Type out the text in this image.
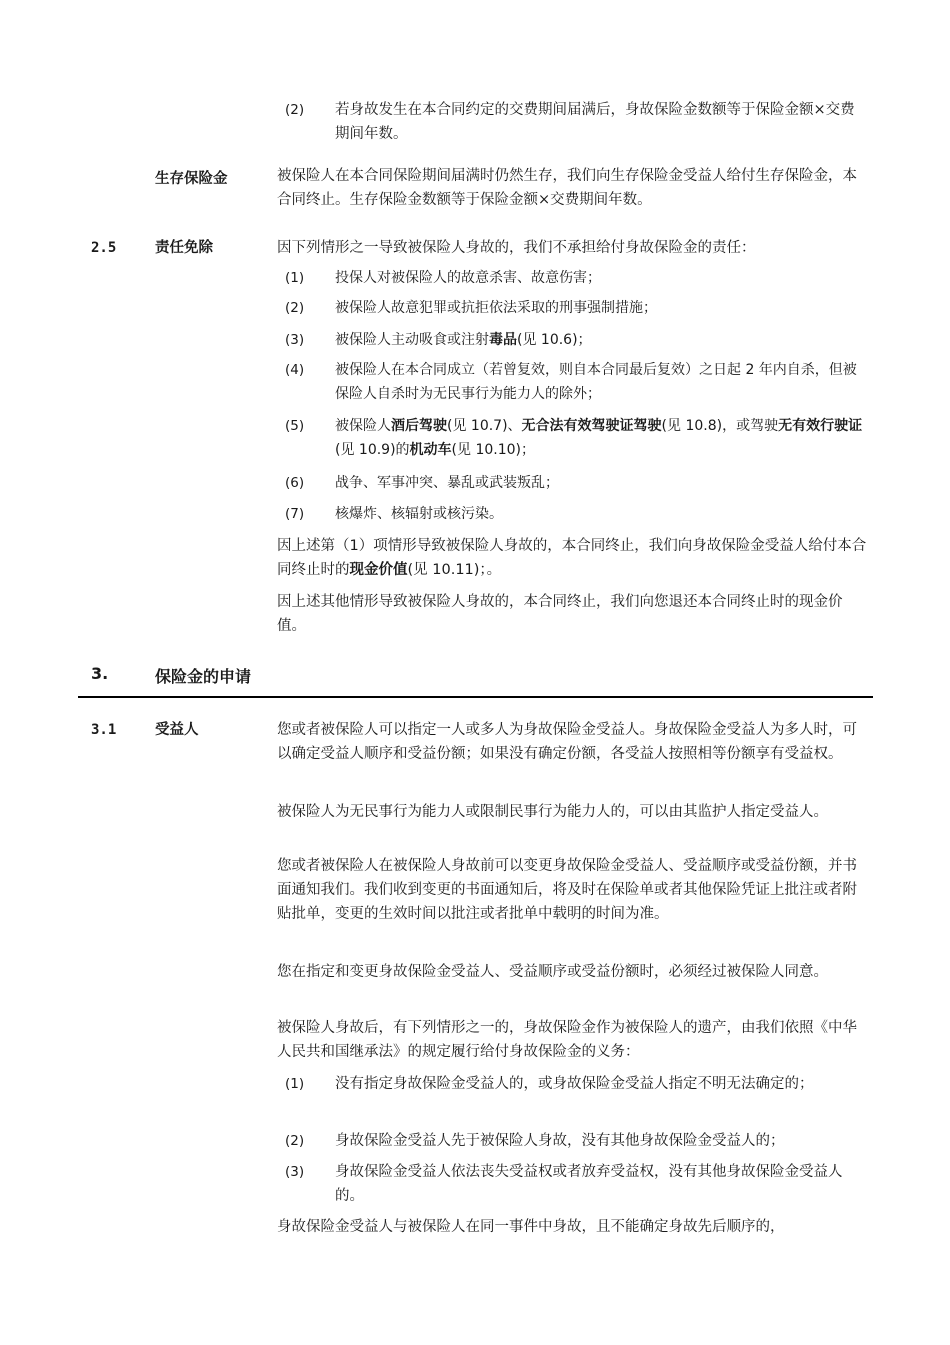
(2)	若身故发生在本合同约定的交费期间届满后，身故保险金数额等于保险金额×交费期间年数。
生存保险金	被保险人在本合同保险期间届满时仍然生存，我们向生存保险金受益人给付生存保险金，本合同终止。生存保险金数额等于保险金额×交费期间年数。
2.5	责任免除	因下列情形之一导致被保险人身故的，我们不承担给付身故保险金的责任：
(1)	投保人对被保险人的故意杀害、故意伤害；
(2)	被保险人故意犯罪或抗拒依法采取的刑事强制措施；
(3)	被保险人主动吸食或注射毒品(见 10.6)；
(4)	被保险人在本合同成立（若曾复效，则自本合同最后复效）之日起 2 年内自杀，但被保险人自杀时为无民事行为能力人的除外；
(5)	被保险人酒后驾驶(见 10.7)、无合法有效驾驶证驾驶(见 10.8)，或驾驶无有效行驶证(见 10.9)的机动车(见 10.10)；
(6)	战争、军事冲突、暴乱或武装叛乱；
(7)	核爆炸、核辐射或核污染。
因上述第（1）项情形导致被保险人身故的，本合同终止，我们向身故保险金受益人给付本合同终止时的现金价值(见 10.11)；。
因上述其他情形导致被保险人身故的，本合同终止，我们向您退还本合同终止时的现金价值。
3.	保险金的申请
3.1	受益人	您或者被保险人可以指定一人或多人为身故保险金受益人。身故保险金受益人为多人时，可以确定受益人顺序和受益份额；如果没有确定份额，各受益人按照相等份额享有受益权。
被保险人为无民事行为能力人或限制民事行为能力人的，可以由其监护人指定受益人。
您或者被保险人在被保险人身故前可以变更身故保险金受益人、受益顺序或受益份额，并书面通知我们。我们收到变更的书面通知后，将及时在保险单或者其他保险凭证上批注或者附贴批单，变更的生效时间以批注或者批单中载明的时间为准。
您在指定和变更身故保险金受益人、受益顺序或受益份额时，必须经过被保险人同意。
被保险人身故后，有下列情形之一的，身故保险金作为被保险人的遗产，由我们依照《中华人民共和国继承法》的规定履行给付身故保险金的义务：
(1)	没有指定身故保险金受益人的，或身故保险金受益人指定不明无法确定的；
(2)	身故保险金受益人先于被保险人身故，没有其他身故保险金受益人的；
(3)	身故保险金受益人依法丧失受益权或者放弃受益权，没有其他身故保险金受益人的。
身故保险金受益人与被保险人在同一事件中身故，且不能确定身故先后顺序的，
